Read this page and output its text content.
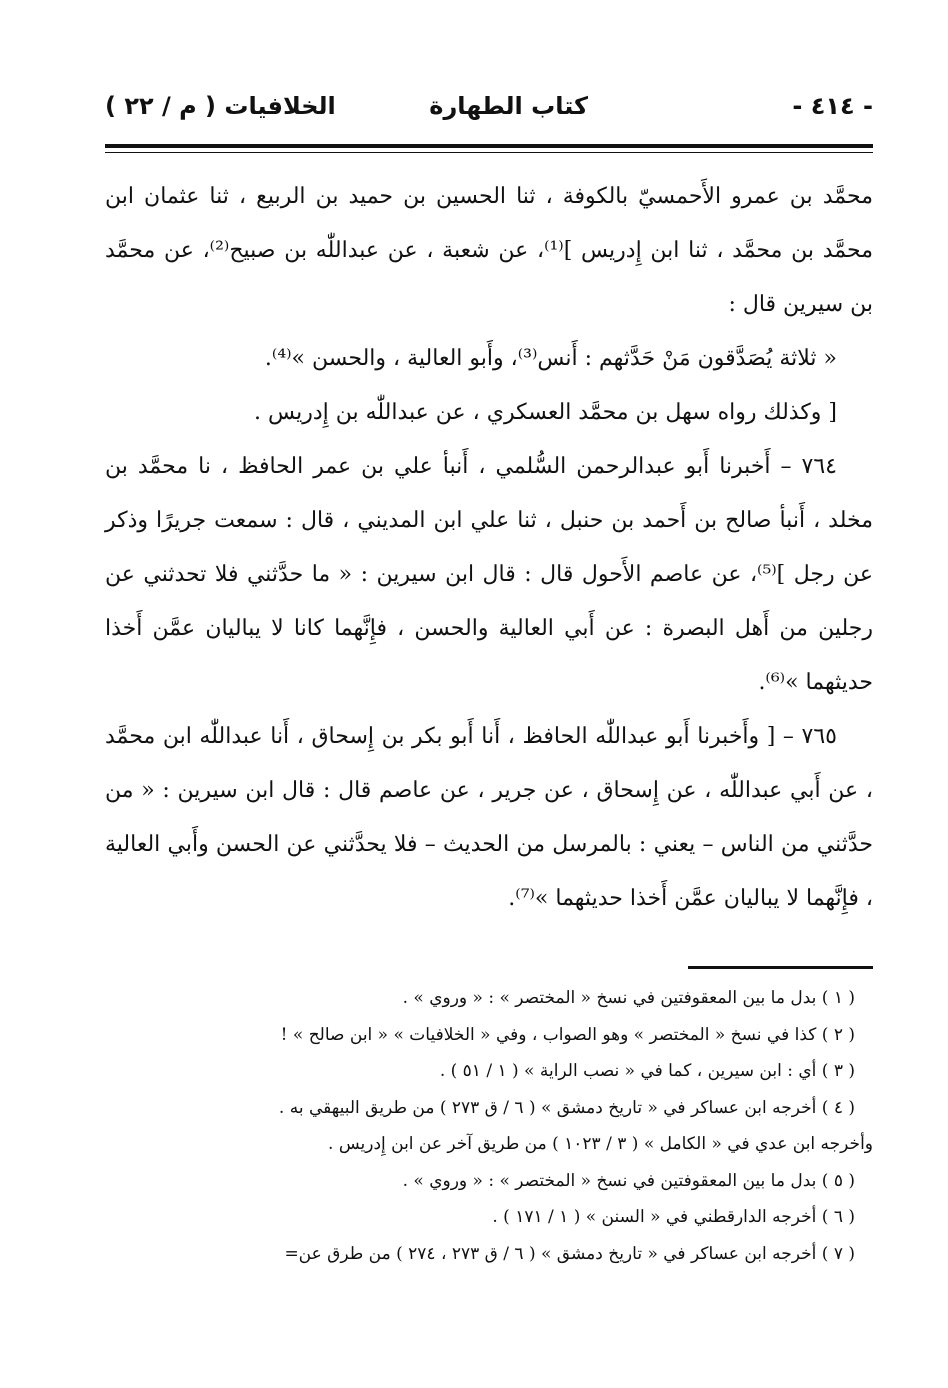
- ٤١٤ -
كتاب الطهارة
الخلافيات ( م / ٢٢ )

محمَّد بن عمرو الأَحمسيّ بالكوفة ، ثنا الحسين بن حميد بن الربيع ، ثنا عثمان ابن محمَّد بن محمَّد ، ثنا ابن إِدريس ]⁽¹⁾، عن شعبة ، عن عبداللّٰه بن صبيح⁽²⁾، عن محمَّد بن سيرين قال :

« ثلاثة يُصَدَّقون مَنْ حَدَّثهم : أَنس⁽³⁾، وأَبو العالية ، والحسن »⁽⁴⁾.

[ وكذلك رواه سهل بن محمَّد العسكري ، عن عبداللّٰه بن إِدريس .

٧٦٤ – أَخبرنا أَبو عبدالرحمن السُّلمي ، أَنبأ علي بن عمر الحافظ ، نا محمَّد بن مخلد ، أَنبأ صالح بن أَحمد بن حنبل ، ثنا علي ابن المديني ، قال : سمعت جريرًا وذكر عن رجل ]⁽⁵⁾، عن عاصم الأَحول قال : قال ابن سيرين : « ما حدَّثني فلا تحدثني عن رجلين من أَهل البصرة : عن أَبي العالية والحسن ، فإِنَّهما كانا لا يباليان عمَّن أَخذا حديثهما »⁽⁶⁾.

٧٦٥ – [ وأَخبرنا أَبو عبداللّٰه الحافظ ، أَنا أَبو بكر بن إِسحاق ، أَنا عبداللّٰه ابن محمَّد ، عن أَبي عبداللّٰه ، عن إِسحاق ، عن جرير ، عن عاصم قال : قال ابن سيرين : « من حدَّثني من الناس – يعني : بالمرسل من الحديث – فلا يحدَّثني عن الحسن وأَبي العالية ، فإِنَّهما لا يباليان عمَّن أَخذا حديثهما »⁽⁷⁾.

( ١ ) بدل ما بين المعقوفتين في نسخ « المختصر » : « وروي » .
( ٢ ) كذا في نسخ « المختصر » وهو الصواب ، وفي « الخلافيات » « ابن صالح » !
( ٣ ) أي : ابن سيرين ، كما في « نصب الراية » ( ١ / ٥١ ) .
( ٤ ) أخرجه ابن عساكر في « تاريخ دمشق » ( ٦ / ق ٢٧٣ ) من طريق البيهقي به .
وأخرجه ابن عدي في « الكامل » ( ٣ / ١٠٢٣ ) من طريق آخر عن ابن إِدريس .
( ٥ ) بدل ما بين المعقوفتين في نسخ « المختصر » : « وروي » .
( ٦ ) أخرجه الدارقطني في « السنن » ( ١ / ١٧١ ) .
( ٧ ) أخرجه ابن عساكر في « تاريخ دمشق » ( ٦ / ق ٢٧٣ ، ٢٧٤ ) من طرق عن=
